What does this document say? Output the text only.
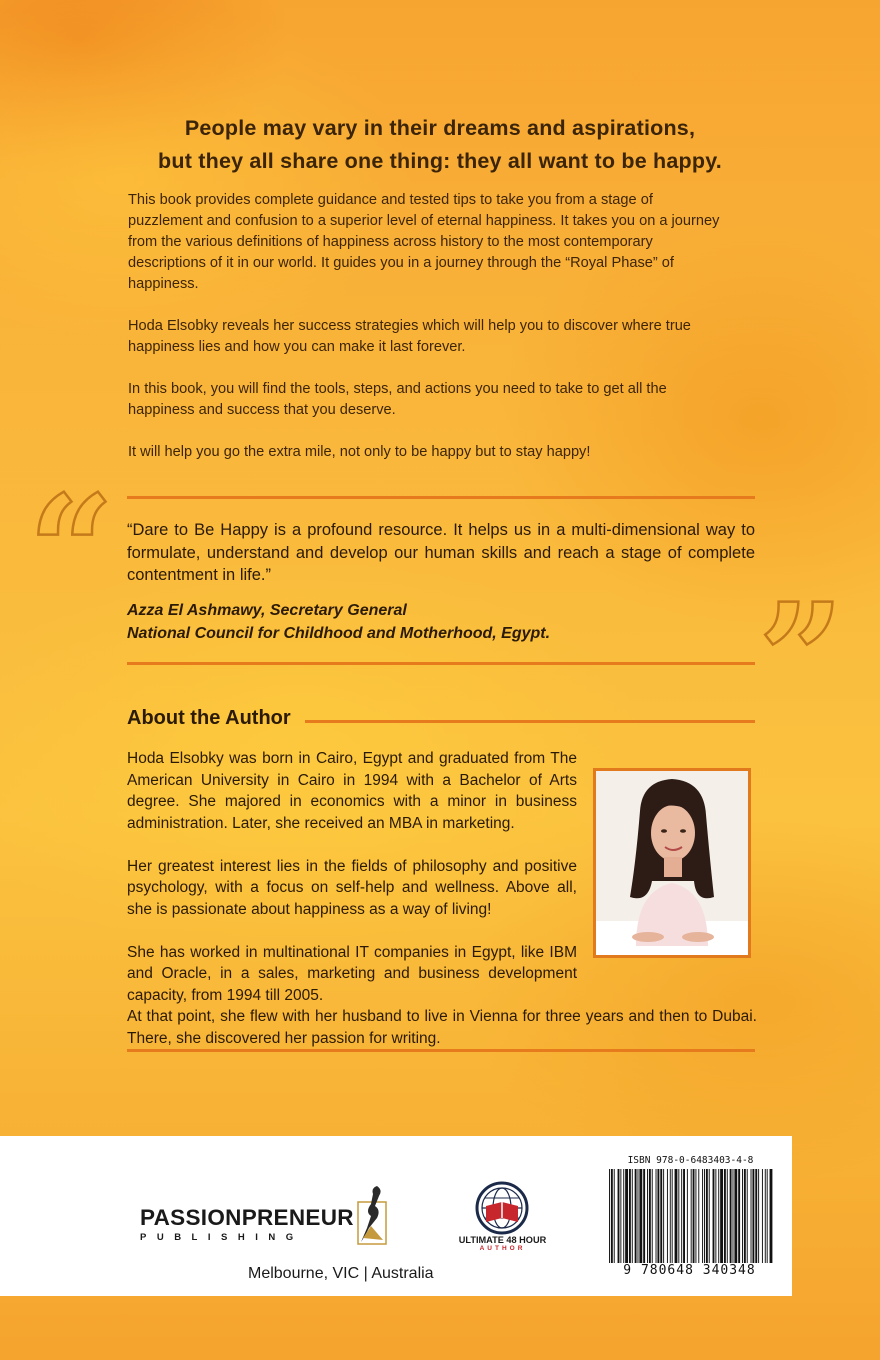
People may vary in their dreams and aspirations,
but they all share one thing: they all want to be happy.

This book provides complete guidance and tested tips to take you from a stage of puzzlement and confusion to a superior level of eternal happiness. It takes you on a journey from the various definitions of happiness across history to the most contemporary descriptions of it in our world. It guides you in a journey through the “Royal Phase” of happiness.

Hoda Elsobky reveals her success strategies which will help you to discover where true happiness lies and how you can make it last forever.

In this book, you will find the tools, steps, and actions you need to take to get all the happiness and success that you deserve.

It will help you go the extra mile, not only to be happy but to stay happy!

“
”
“Dare to Be Happy is a profound resource. It helps us in a multi-dimensional way to formulate, understand and develop our human skills and reach a stage of complete contentment in life.”
Azza El Ashmawy, Secretary General
National Council for Childhood and Motherhood, Egypt.
About the Author

Hoda Elsobky was born in Cairo, Egypt and graduated from The American University in Cairo in 1994 with a Bachelor of Arts degree. She majored in economics with a minor in business administration. Later, she received an MBA in marketing.

Her greatest interest lies in the fields of philosophy and positive psychology, with a focus on self-help and wellness. Above all, she is passionate about happiness as a way of living!

She has worked in multinational IT companies in Egypt, like IBM and Oracle, in a sales, marketing and business development capacity, from 1994 till 2005.
At that point, she flew with her husband to live in Vienna for three years and then to Dubai. There, she discovered her passion for writing.

PASSIONPRENEUR
PUBLISHING	ULTIMATE 48 HOUR
AUTHOR
Melbourne, VIC | Australia
ISBN 978-0-6483403-4-8
9 780648 340348
